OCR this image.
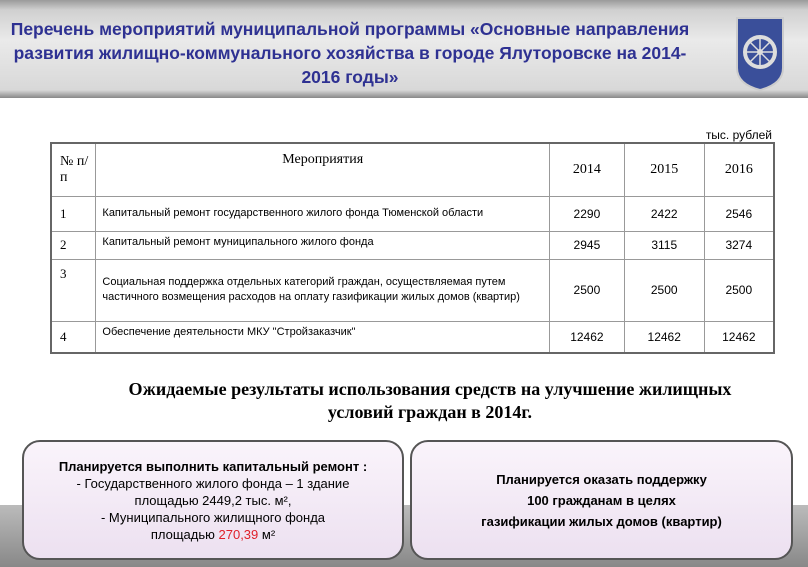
Перечень мероприятий муниципальной программы «Основные направления развития жилищно-коммунального хозяйства в городе Ялуторовске на 2014-2016 годы»
тыс. рублей
№ п/п	Мероприятия	2014	2015	2016
1	Капитальный ремонт государственного жилого фонда Тюменской области	2290	2422	2546
2	Капитальный ремонт муниципального жилого фонда	2945	3115	3274
3	Социальная поддержка отдельных категорий граждан, осуществляемая путем частичного возмещения расходов на оплату газификации жилых домов (квартир)	2500	2500	2500
4	Обеспечение деятельности МКУ "Стройзаказчик"	12462	12462	12462
Ожидаемые результаты использования средств на улучшение жилищных условий граждан в 2014г.
Планируется выполнить капитальный ремонт :
- Государственного жилого фонда – 1 здание
площадью 2449,2 тыс. м²,
- Муниципального жилищного фонда
площадью 270,39 м²
Планируется оказать поддержку
100 гражданам в целях
газификации жилых домов (квартир)
